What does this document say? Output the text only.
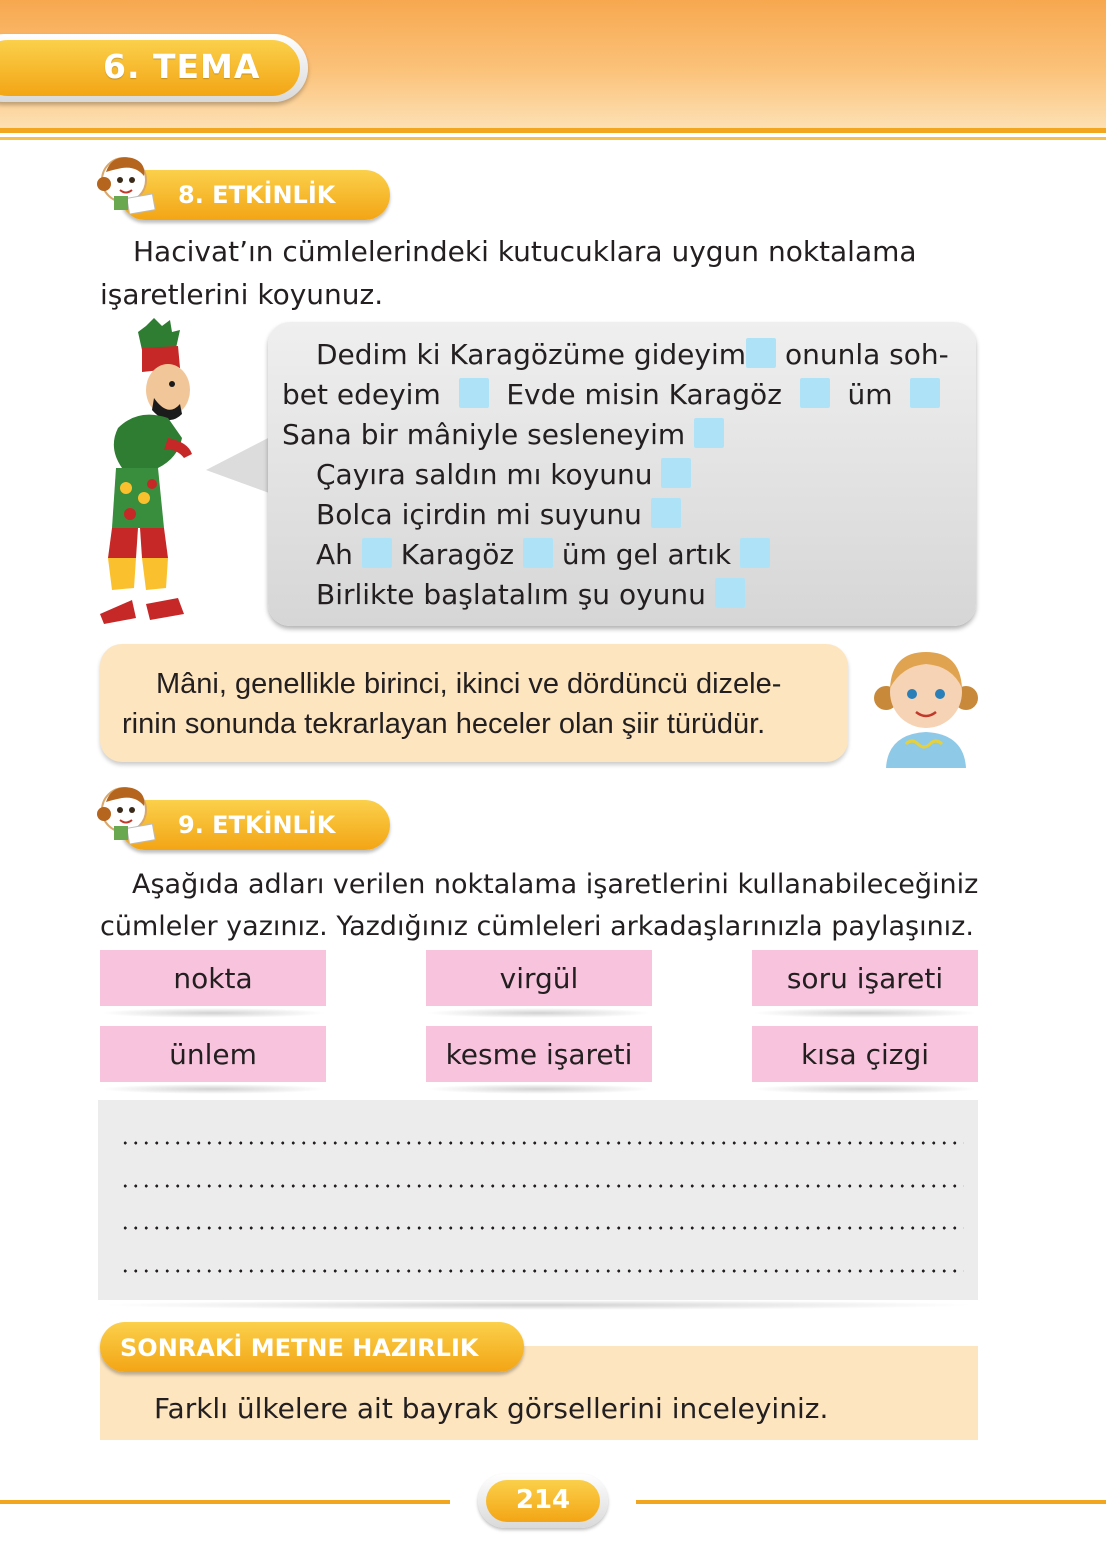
6. TEMA
8. ETKİNLİK
Hacivat’ın cümlelerindeki kutucuklara uygun noktalama
işaretlerini koyunuz.
Dedim ki Karagözüme gideyim onunla soh-
bet edeyim Evde misin Karagöz üm
Sana bir mâniyle sesleneyim
Çayıra saldın mı koyunu
Bolca içirdin mi suyunu
Ah Karagöz üm gel artık
Birlikte başlatalım şu oyunu
Mâni, genellikle birinci, ikinci ve dördüncü dizele-
rinin sonunda tekrarlayan heceler olan şiir türüdür.
9. ETKİNLİK
Aşağıda adları verilen noktalama işaretlerini kullanabileceğiniz
cümleler yazınız. Yazdığınız cümleleri arkadaşlarınızla paylaşınız.
nokta	virgül	soru işareti
ünlem	kesme işareti	kısa çizgi
SONRAKİ METNE HAZIRLIK
Farklı ülkelere ait bayrak görsellerini inceleyiniz.
214
